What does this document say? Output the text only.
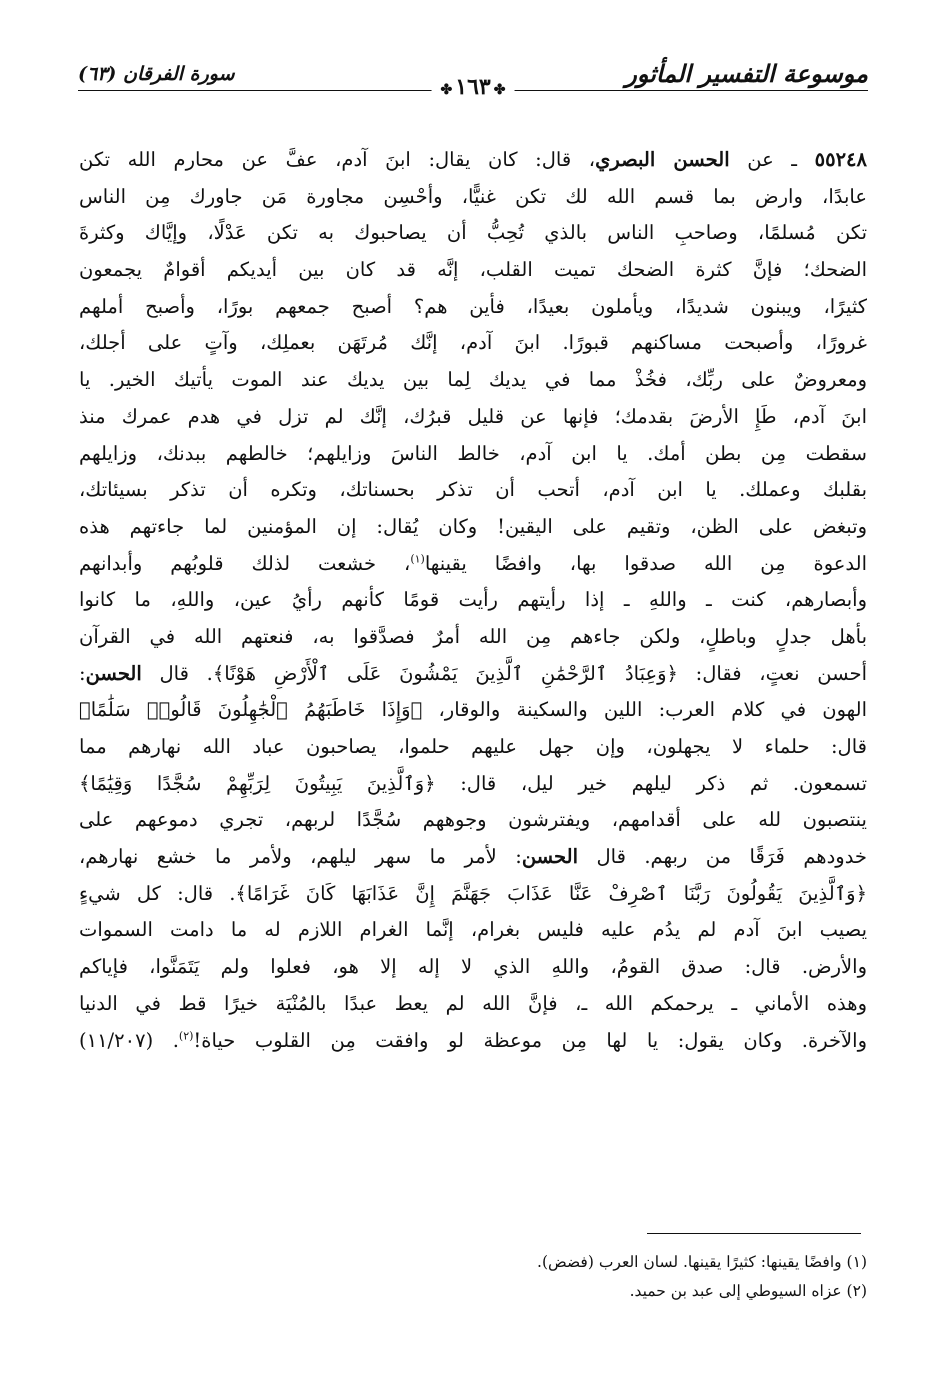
موسوعة التفسير المأثور
✤١٦٣✤
سورة الفرقان (٦٣)
٥٥٢٤٨ ـ عن الحسن البصري، قال: كان يقال: ابنَ آدم، عفَّ عن محارم الله تكن
عابدًا، وارض بما قسم الله لك تكن غنيًّا، وأحْسِن مجاورة مَن جاورك مِن الناس
تكن مُسلمًا، وصاحبِ الناس بالذي تُحِبُّ أن يصاحبوك به تكن عَدْلًا، وإيَّاك وكثرةَ
الضحك؛ فإنَّ كثرة الضحك تميت القلب، إنَّه قد كان بين أيديكم أقوامٌ يجمعون
كثيرًا، ويبنون شديدًا، ويأملون بعيدًا، فأين هم؟ أصبح جمعهم بورًا، وأصبح أملهم
غرورًا، وأصبحت مساكنهم قبورًا. ابنَ آدم، إنَّك مُرتَهَن بعملِك، وآتٍ على أجلك،
ومعروضٌ على ربِّك، فخُذْ مما في يديك لِما بين يديك عند الموت يأتيك الخير. يا
ابنَ آدم، طَإِ الأرضَ بقدمك؛ فإنها عن قليل قبرُك، إنَّك لم تزل في هدم عمرك منذ
سقطت مِن بطن أمك. يا ابن آدم، خالط الناسَ وزايلهم؛ خالطهم ببدنك، وزايلهم
بقلبك وعملك. يا ابن آدم، أتحب أن تذكر بحسناتك، وتكره أن تذكر بسيئاتك،
وتبغض على الظن، وتقيم على اليقين! وكان يُقال: إن المؤمنين لما جاءتهم هذه
الدعوة مِن الله صدقوا بها، وافضًا يقينها$^{(١)}$، خشعت لذلك قلوبُهم وأبدانهم
وأبصارهم، كنت ـ واللهِ ـ إذا رأيتهم رأيت قومًا كأنهم رأيُ عين، واللهِ، ما كانوا
بأهل جدلٍ وباطلٍ، ولكن جاءهم مِن الله أمرٌ فصدَّقوا به، فنعتهم الله في القرآن
أحسن نعتٍ، فقال: ﴿وَعِبَادُ ٱلرَّحْمَٰنِ ٱلَّذِينَ يَمْشُونَ عَلَى ٱلْأَرْضِ هَوْنًا﴾. قال الحسن:
الهون في كلام العرب: اللين والسكينة والوقار، ﴿وَإِذَا خَاطَبَهُمُ ٱلْجَٰهِلُونَ قَالُوا۟ سَلَٰمًا﴾
قال: حلماء لا يجهلون، وإن جهل عليهم حلموا، يصاحبون عباد الله نهارهم مما
تسمعون. ثم ذكر ليلهم خير ليل، قال: ﴿وَٱلَّذِينَ يَبِيتُونَ لِرَبِّهِمْ سُجَّدًا وَقِيَٰمًا﴾
ينتصبون لله على أقدامهم، ويفترشون وجوههم سُجَّدًا لربهم، تجري دموعهم على
خدودهم فَرَقًا من ربهم. قال الحسن: لأمر ما سهر ليلهم، ولأمر ما خشع نهارهم،
﴿وَٱلَّذِينَ يَقُولُونَ رَبَّنَا ٱصْرِفْ عَنَّا عَذَابَ جَهَنَّمَ إِنَّ عَذَابَهَا كَانَ غَرَامًا﴾. قال: كل شيءٍ
يصيب ابنَ آدم لم يدُم عليه فليس بغرام، إنَّما الغرام اللازم له ما دامت السموات
والأرض. قال: صدق القومُ، واللهِ الذي لا إله إلا هو، فعلوا ولم يَتَمَنَّوا، فإياكم
وهذه الأماني ـ يرحمكم الله ـ، فإنَّ الله لم يعط عبدًا بالمُنْيَة خيرًا قط في الدنيا
والآخرة. وكان يقول: يا لها مِن موعظة لو وافقت مِن القلوب حياة!$^{(٢)}$. (١١/٢٠٧)
(١) وافضًا يقينها: كثيرًا يقينها. لسان العرب (فضض).
(٢) عزاه السيوطي إلى عبد بن حميد.
